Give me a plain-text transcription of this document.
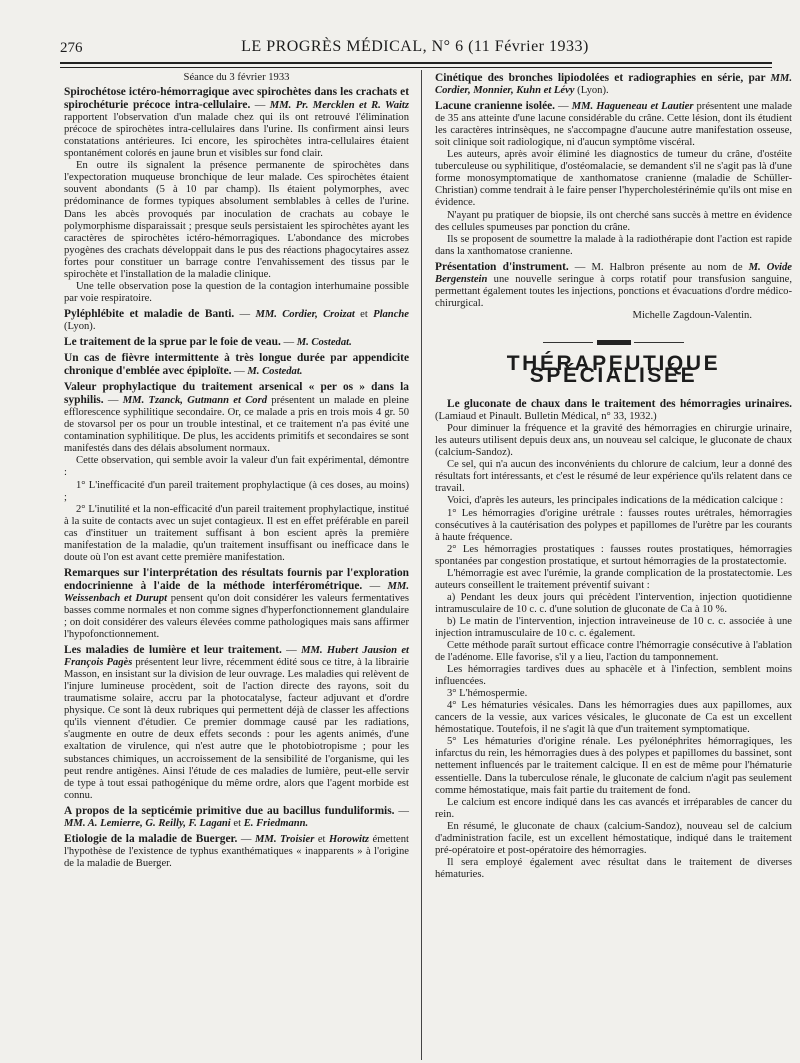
276	LE PROGRÈS MÉDICAL, N° 6 (11 Février 1933)

Séance du 3 février 1933

Spirochétose ictéro-hémorragique avec spirochètes dans les crachats et spirochéturie précoce intra-cellulaire. — MM. Pr. Mercklen et R. Waitz rapportent l'observation d'un malade chez qui ils ont retrouvé l'élimination précoce de spirochètes intra-cellulaires dans l'urine. Ils confirment ainsi leurs constatations antérieures. Ici encore, les spirochètes intra-cellulaires étaient spontanément colorés en jaune brun et visibles sur fond clair.

En outre ils signalent la présence permanente de spirochètes dans l'expectoration muqueuse bronchique de leur malade. Ces spirochètes étaient souvent abondants (5 à 10 par champ). Ils étaient polymorphes, avec prédominance de formes typiques absolument semblables à celles de l'urine. Dans les abcès provoqués par inoculation de crachats au cobaye le polymorphisme disparaissait ; presque seuls persistaient les spirochètes ayant les caractères de spirochètes ictéro-hémorragiques. L'abondance des microbes pyogènes des crachats développait dans le pus des réactions phagocytaires assez fortes pour constituer un barrage contre l'envahissement des tissus par le spirochète et l'installation de la maladie clinique.

Une telle observation pose la question de la contagion interhumaine possible par voie respiratoire.

Pyléphlébite et maladie de Banti. — MM. Cordier, Croizat et Planche (Lyon).

Le traitement de la sprue par le foie de veau. — M. Costedat.

Un cas de fièvre intermittente à très longue durée par appendicite chronique d'emblée avec épiploïte. — M. Costedat.

Valeur prophylactique du traitement arsenical « per os » dans la syphilis. — MM. Tzanck, Gutmann et Cord présentent un malade en pleine efflorescence syphilitique secondaire. Or, ce malade a pris en trois mois 4 gr. 50 de stovarsol per os pour un trouble intestinal, et ce traitement n'a pas évité une contamination syphilitique. De plus, les accidents primitifs et secondaires se sont manifestés dans des délais absolument normaux.

Cette observation, qui semble avoir la valeur d'un fait expérimental, démontre :

1° L'inefficacité d'un pareil traitement prophylactique (à ces doses, au moins) ;

2° L'inutilité et la non-efficacité d'un pareil traitement prophylactique, institué à la suite de contacts avec un sujet contagieux. Il est en effet préférable en pareil cas d'instituer un traitement suffisant à bon escient après la première manifestation de la maladie, qu'un traitement insuffisant ou inefficace dans le doute où l'on est avant cette première manifestation.

Remarques sur l'interprétation des résultats fournis par l'exploration endocrinienne à l'aide de la méthode interférométrique. — MM. Weissenbach et Durupt pensent qu'on doit considérer les valeurs fermentatives basses comme normales et non comme signes d'hyperfonctionnement glandulaire ; on doit considérer des valeurs élevées comme pathologiques mais sans affirmer l'hypofonctionnement.

Les maladies de lumière et leur traitement. — MM. Hubert Jausion et François Pagès présentent leur livre, récemment édité sous ce titre, à la librairie Masson, en insistant sur la division de leur ouvrage. Les maladies qui relèvent de l'injure lumineuse procèdent, soit de l'action directe des rayons, soit du traumatisme solaire, accru par la photocatalyse, facteur adjuvant et d'ordre physique. Ce sont là deux rubriques qui permettent déjà de classer les affections qu'ils viennent d'étudier. Ce premier dommage causé par les radiations, s'augmente en outre de deux effets seconds : pour les agents animés, d'une exaltation de virulence, qui n'est autre que le photobiotropisme ; pour les substances chimiques, un accroissement de la sensibilité de l'organisme, qui les peut rendre antigènes. Ainsi l'étude de ces maladies de lumière, peut-elle servir de type à tout essai pathogénique du même ordre, alors que l'agent morbide est connu.

A propos de la septicémie primitive due au bacillus funduliformis. — MM. A. Lemierre, G. Reilly, F. Lagani et E. Friedmann.

Etiologie de la maladie de Buerger. — MM. Troisier et Horowitz émettent l'hypothèse de l'existence de typhus exanthématiques « inapparents » à l'origine de la maladie de Buerger.

Cinétique des bronches lipiodolées et radiographies en série, par MM. Cordier, Monnier, Kuhn et Lévy (Lyon).

Lacune cranienne isolée. — MM. Hagueneau et Lautier présentent une malade de 35 ans atteinte d'une lacune considérable du crâne. Cette lésion, dont ils étudient les caractères intrinsèques, ne s'accompagne d'aucune autre manifestation osseuse, soit clinique soit radiologique, ni d'aucun symptôme viscéral.

Les auteurs, après avoir éliminé les diagnostics de tumeur du crâne, d'ostéite tuberculeuse ou syphilitique, d'ostéomalacie, se demandent s'il ne s'agit pas là d'une forme monosymptomatique de xanthomatose cranienne (maladie de Schüller-Christian) comme tendrait à le faire penser l'hypercholestérinémie qu'ils ont mise en évidence.

N'ayant pu pratiquer de biopsie, ils ont cherché sans succès à mettre en évidence des cellules spumeuses par ponction du crâne.

Ils se proposent de soumettre la malade à la radiothérapie dont l'action est rapide dans la xanthomatose cranienne.

Présentation d'instrument. — M. Halbron présente au nom de M. Ovide Bergenstein une nouvelle seringue à corps rotatif pour transfusion sanguine, permettant également toutes les injections, ponctions et évacuations d'ordre médico-chirurgical.

Michelle Zagdoun-Valentin.

THÉRAPEUTIQUE SPÉCIALISÉE

Le gluconate de chaux dans le traitement des hémorragies urinaires. (Lamiaud et Pinault. Bulletin Médical, n° 33, 1932.)

Pour diminuer la fréquence et la gravité des hémorragies en chirurgie urinaire, les auteurs utilisent depuis deux ans, un nouveau sel calcique, le gluconate de chaux (calcium-Sandoz).

Ce sel, qui n'a aucun des inconvénients du chlorure de calcium, leur a donné des résultats fort intéressants, et c'est le résumé de leur expérience qu'ils relatent dans ce travail.

Voici, d'après les auteurs, les principales indications de la médication calcique :

1° Les hémorragies d'origine urétrale : fausses routes urétrales, hémorragies consécutives à la cautérisation des polypes et papillomes de l'urètre par les courants à haute fréquence.

2° Les hémorragies prostatiques : fausses routes prostatiques, hémorragies spontanées par congestion prostatique, et surtout hémorragies de la prostatectomie.

L'hémorragie est avec l'urémie, la grande complication de la prostatectomie. Les auteurs conseillent le traitement préventif suivant :

a) Pendant les deux jours qui précèdent l'intervention, injection quotidienne intramusculaire de 10 c. c. d'une solution de gluconate de Ca à 10 %.

b) Le matin de l'intervention, injection intraveineuse de 10 c. c. associée à une injection intramusculaire de 10 c. c. également.

Cette méthode paraît surtout efficace contre l'hémorragie consécutive à l'ablation de l'adénome. Elle favorise, s'il y a lieu, l'action du tamponnement.

Les hémorragies tardives dues au sphacèle et à l'infection, semblent moins influencées.

3° L'hémospermie.

4° Les hématuries vésicales. Dans les hémorragies dues aux papillomes, aux cancers de la vessie, aux varices vésicales, le gluconate de Ca est un excellent hémostatique. Toutefois, il ne s'agit là que d'un traitement symptomatique.

5° Les hématuries d'origine rénale. Les pyélonéphrites hémorragiques, les infarctus du rein, les hémorragies dues à des polypes et papillomes du bassinet, sont nettement influencés par le traitement calcique. Il en est de même pour l'hématurie essentielle. Dans la tuberculose rénale, le gluconate de calcium n'agit pas seulement comme hémostatique, mais fait partie du traitement de fond.

Le calcium est encore indiqué dans les cas avancés et irréparables de cancer du rein.

En résumé, le gluconate de chaux (calcium-Sandoz), nouveau sel de calcium d'administration facile, est un excellent hémostatique, indiqué dans le traitement pré-opératoire et post-opératoire des hémorragies.

Il sera employé également avec résultat dans le traitement de diverses hématuries.
